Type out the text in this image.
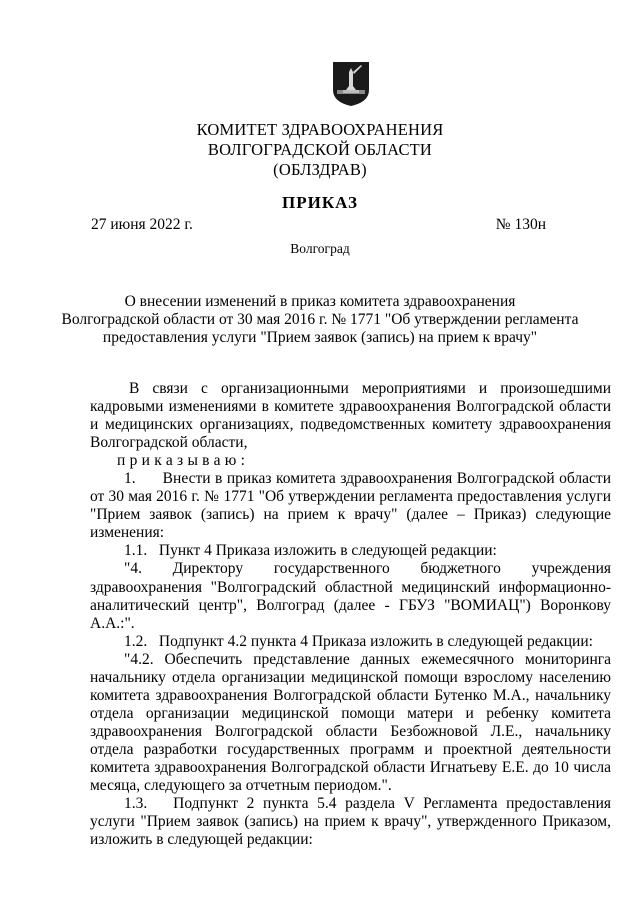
КОМИТЕТ ЗДРАВООХРАНЕНИЯ
ВОЛГОГРАДСКОЙ ОБЛАСТИ
(ОБЛЗДРАВ)
ПРИКАЗ
27 июня 2022 г.	№ 130н
Волгоград
О внесении изменений в приказ комитета здравоохранения
Волгоградской области от 30 мая 2016 г. № 1771 "Об утверждении регламента
предоставления услуги "Прием заявок (запись) на прием к врачу"

В связи с организационными мероприятиями и произошедшими кадровыми изменениями в комитете здравоохранения Волгоградской области и медицинских организациях, подведомственных комитету здравоохранения Волгоградской области,

приказываю:

1.      Внести в приказ комитета здравоохранения Волгоградской области от 30 мая 2016 г. № 1771 "Об утверждении регламента предоставления услуги "Прием заявок (запись) на прием к врачу" (далее – Приказ) следующие изменения:

1.1.   Пункт 4 Приказа изложить в следующей редакции:

"4. Директору государственного бюджетного учреждения здравоохранения "Волгоградский областной медицинский информационно-аналитический центр", Волгоград (далее - ГБУЗ "ВОМИАЦ") Воронкову А.А.:".

1.2.   Подпункт 4.2 пункта 4 Приказа изложить в следующей редакции:

"4.2. Обеспечить представление данных ежемесячного мониторинга начальнику отдела организации медицинской помощи взрослому населению комитета здравоохранения Волгоградской области Бутенко М.А., начальнику отдела организации медицинской помощи матери и ребенку комитета здравоохранения Волгоградской области Безбожновой Л.Е., начальнику отдела разработки государственных программ и проектной деятельности комитета здравоохранения Волгоградской области Игнатьеву Е.Е. до 10 числа месяца, следующего за отчетным периодом.".

1.3.   Подпункт 2 пункта 5.4 раздела V Регламента предоставления услуги "Прием заявок (запись) на прием к врачу", утвержденного Приказом, изложить в следующей редакции:
